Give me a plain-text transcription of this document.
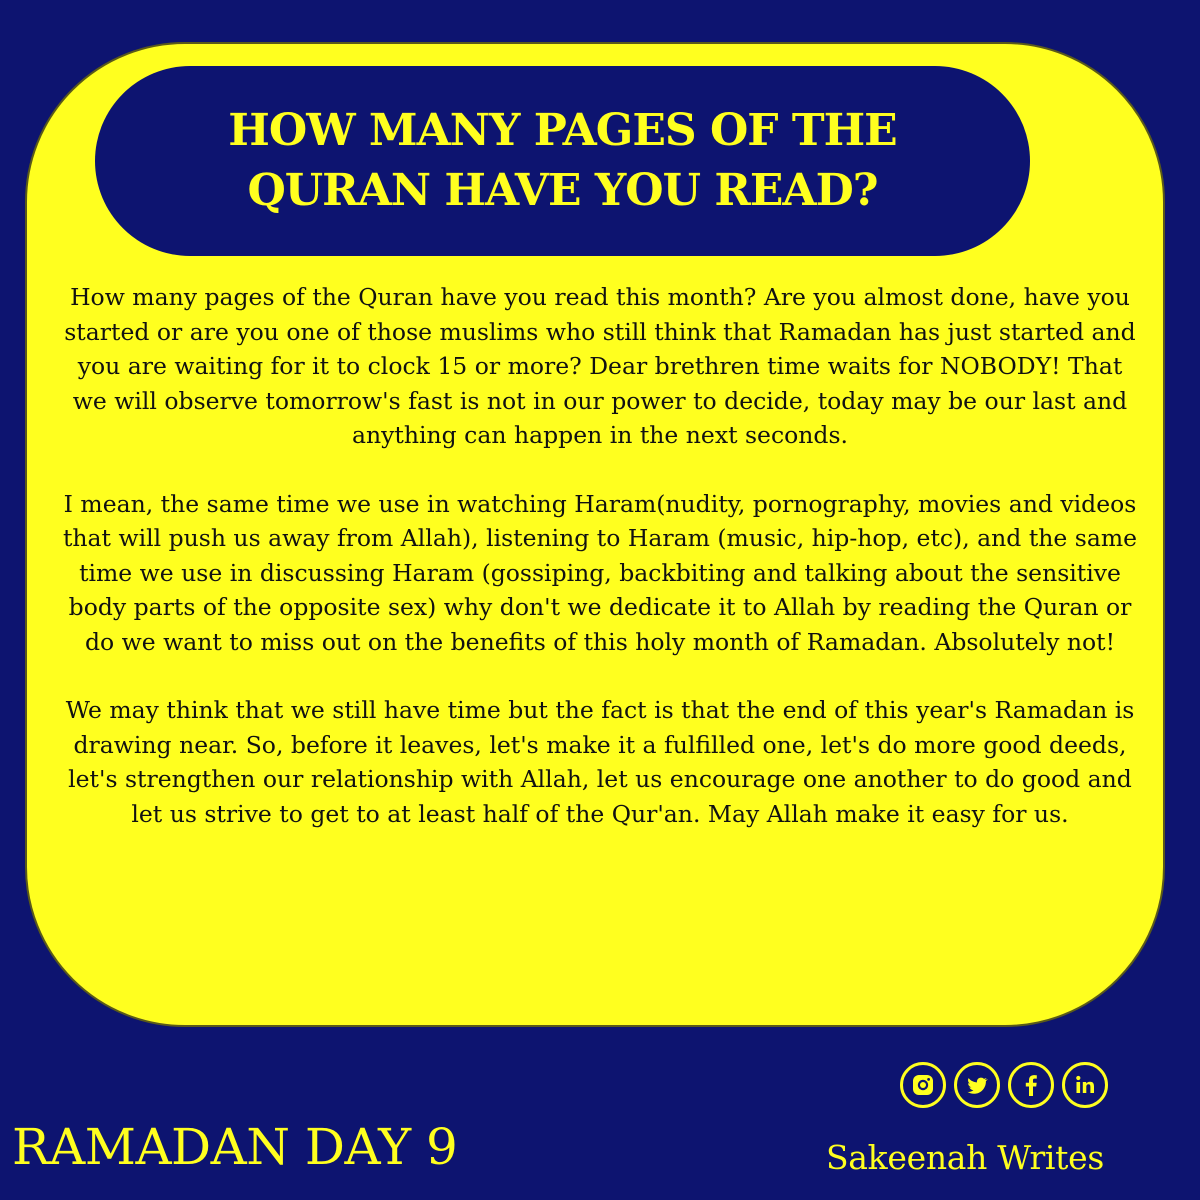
HOW MANY PAGES OF THE
QURAN HAVE YOU READ?

How many pages of the Quran have you read this month? Are you almost done, have you started or are you one of those muslims who still think that Ramadan has just started and you are waiting for it to clock 15 or more? Dear brethren time waits for NOBODY! That we will observe tomorrow's fast is not in our power to decide, today may be our last and anything can happen in the next seconds.

I mean, the same time we use in watching Haram(nudity, pornography, movies and videos that will push us away from Allah), listening to Haram (music, hip-hop, etc), and the same time we use in discussing Haram (gossiping, backbiting and talking about the sensitive body parts of the opposite sex) why don't we dedicate it to Allah by reading the Quran or do we want to miss out on the benefits of this holy month of Ramadan. Absolutely not!

We may think that we still have time but the fact is that the end of this year's Ramadan is drawing near. So, before it leaves, let's make it a fulfilled one, let's do more good deeds, let's strengthen our relationship with Allah, let us encourage one another to do good and let us strive to get to at least half of the Qur'an. May Allah make it easy for us.

RAMADAN DAY 9	Sakeenah Writes
